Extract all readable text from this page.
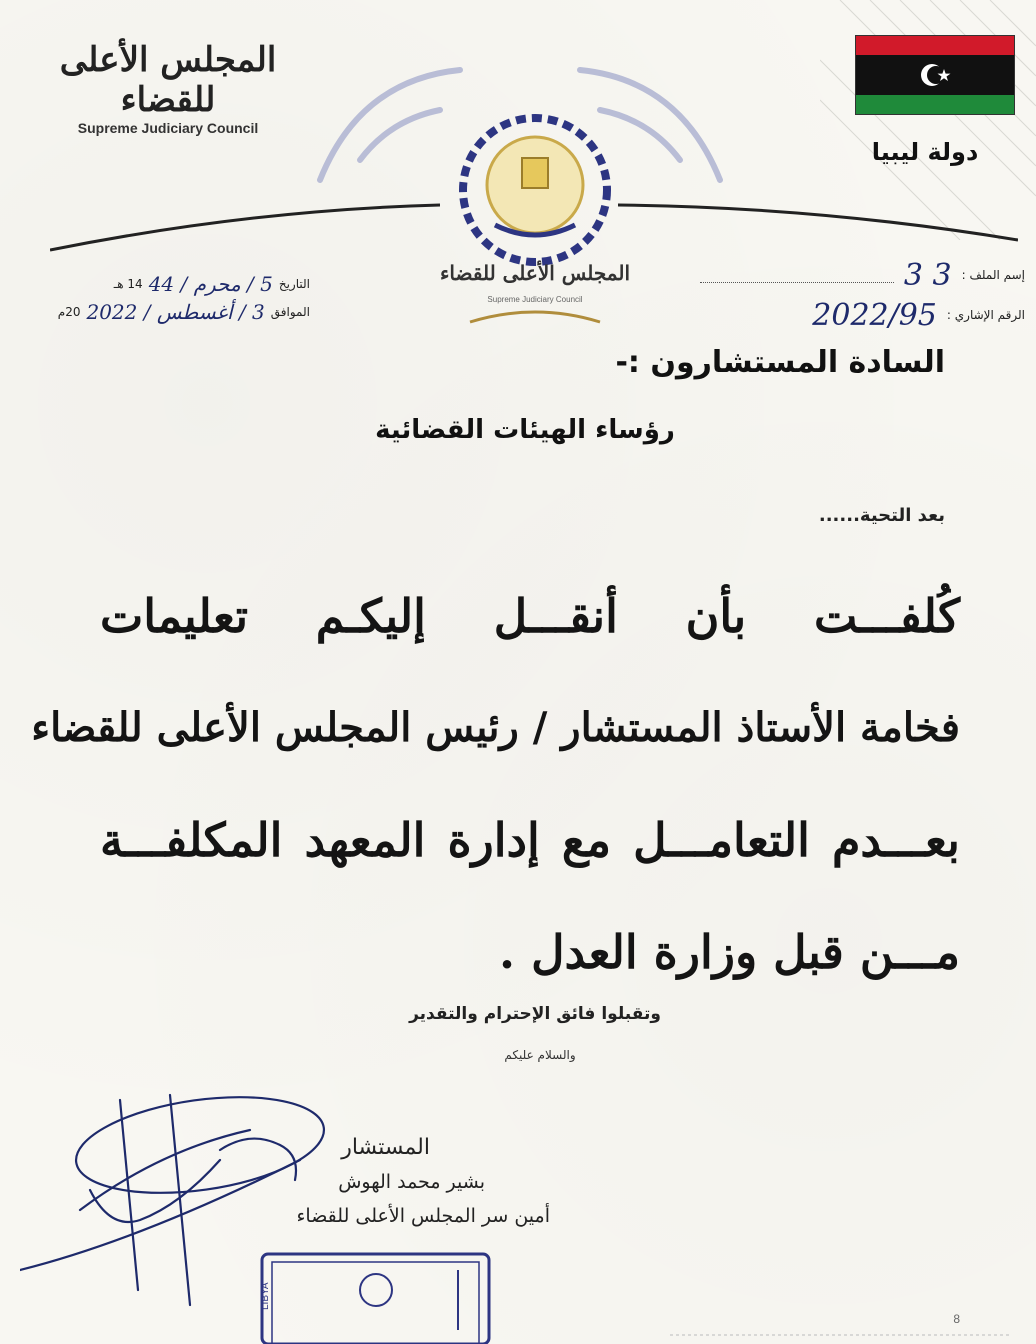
المجلس الأعلى للقضاء
Supreme Judiciary Council
دولة ليبيا
المجلس الأعلى للقضاء
Supreme Judiciary Council
التاريخ
5 / محرم / 44
14 هـ
الموافق
3 / أغسطس / 2022
20م
إسم الملف :
3 3
الرقم الإشاري :
2022/95
السادة المستشارون :-
رؤساء الهيئات القضائية
بعد التحية......
كُلفـــت بأن أنقـــل إليكـم تعليمات
فخامة الأستاذ المستشار / رئيس المجلس الأعلى للقضاء
بعـــدم التعامـــل مع إدارة المعهد المكلفـــة
مـــن قبل وزارة العدل .
وتقبلوا فائق الإحترام والتقدير
والسلام عليكم
المستشار
بشير محمد الهوش
أمين سر المجلس الأعلى للقضاء
LIBYA
8
